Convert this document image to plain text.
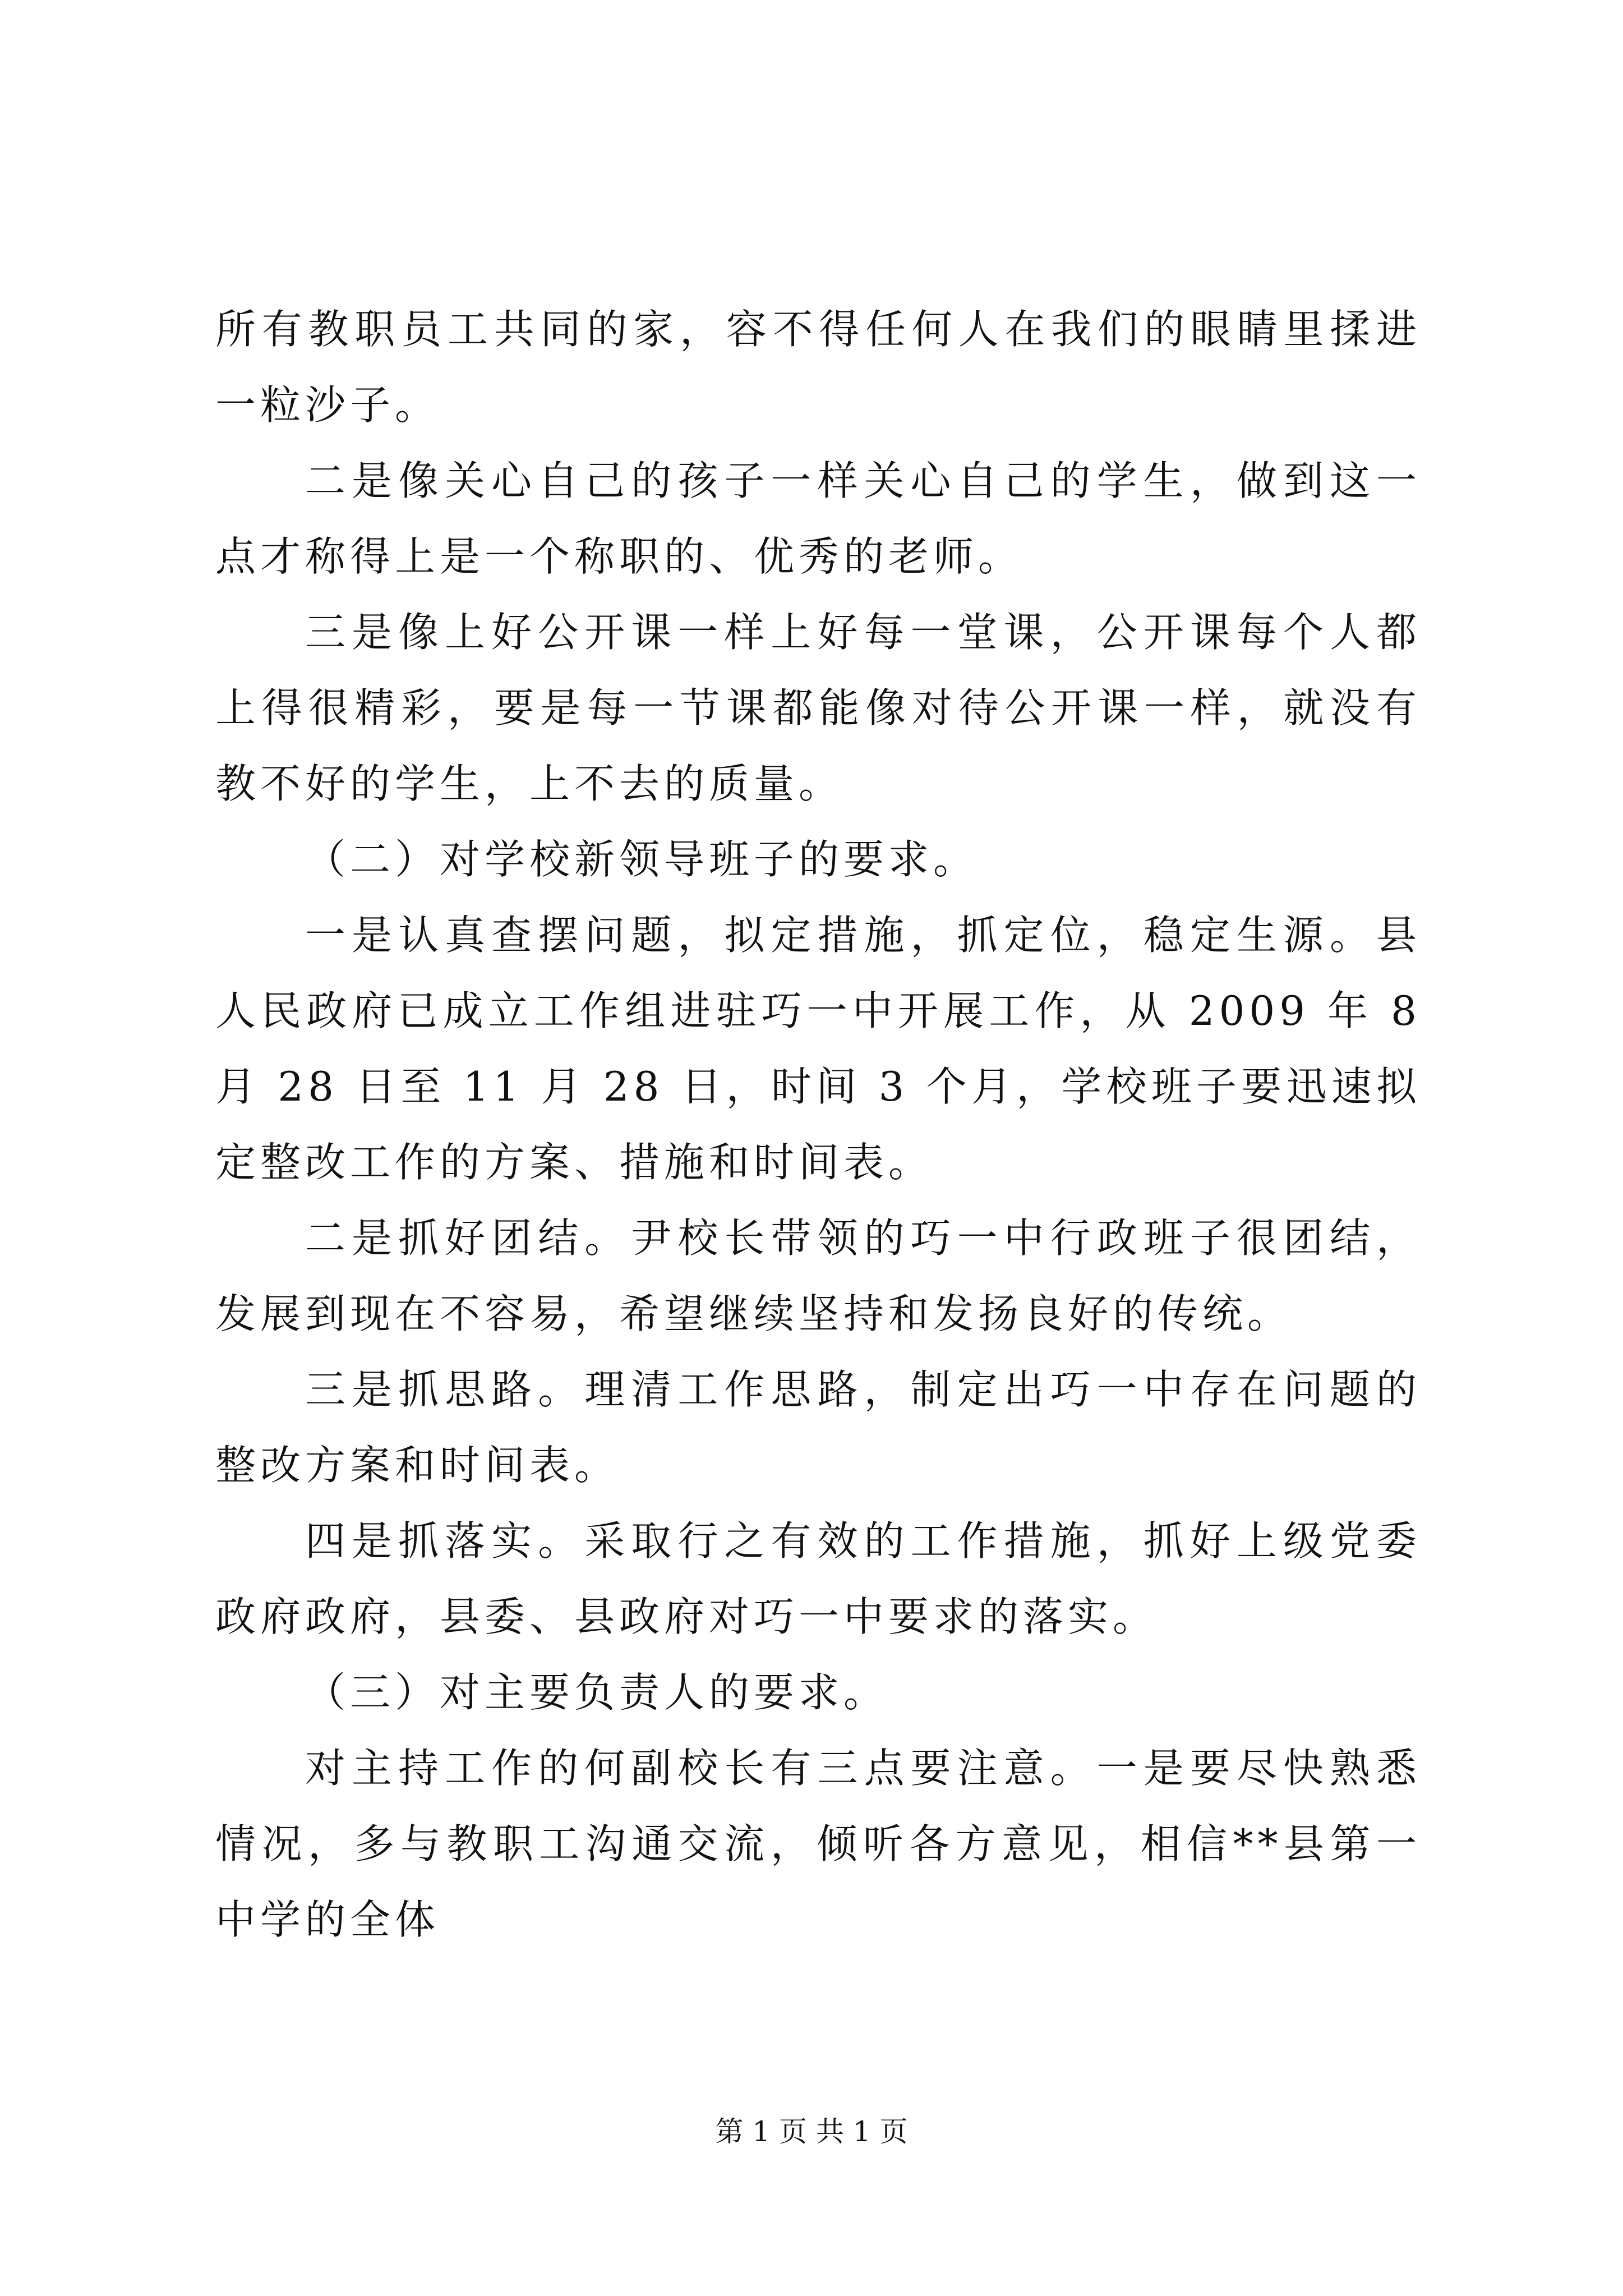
所有教职员工共同的家，容不得任何人在我们的眼睛里揉进一粒沙子。

二是像关心自己的孩子一样关心自己的学生，做到这一点才称得上是一个称职的、优秀的老师。

三是像上好公开课一样上好每一堂课，公开课每个人都上得很精彩，要是每一节课都能像对待公开课一样，就没有教不好的学生，上不去的质量。

（二）对学校新领导班子的要求。

一是认真查摆问题，拟定措施，抓定位，稳定生源。县人民政府已成立工作组进驻巧一中开展工作，从 2009 年 8 月 28 日至 11 月 28 日，时间 3 个月，学校班子要迅速拟定整改工作的方案、措施和时间表。

二是抓好团结。尹校长带领的巧一中行政班子很团结，发展到现在不容易，希望继续坚持和发扬良好的传统。

三是抓思路。理清工作思路，制定出巧一中存在问题的整改方案和时间表。

四是抓落实。采取行之有效的工作措施，抓好上级党委政府政府，县委、县政府对巧一中要求的落实。

（三）对主要负责人的要求。

对主持工作的何副校长有三点要注意。一是要尽快熟悉情况，多与教职工沟通交流，倾听各方意见，相信**县第一中学的全体

第 1 页 共 1 页
